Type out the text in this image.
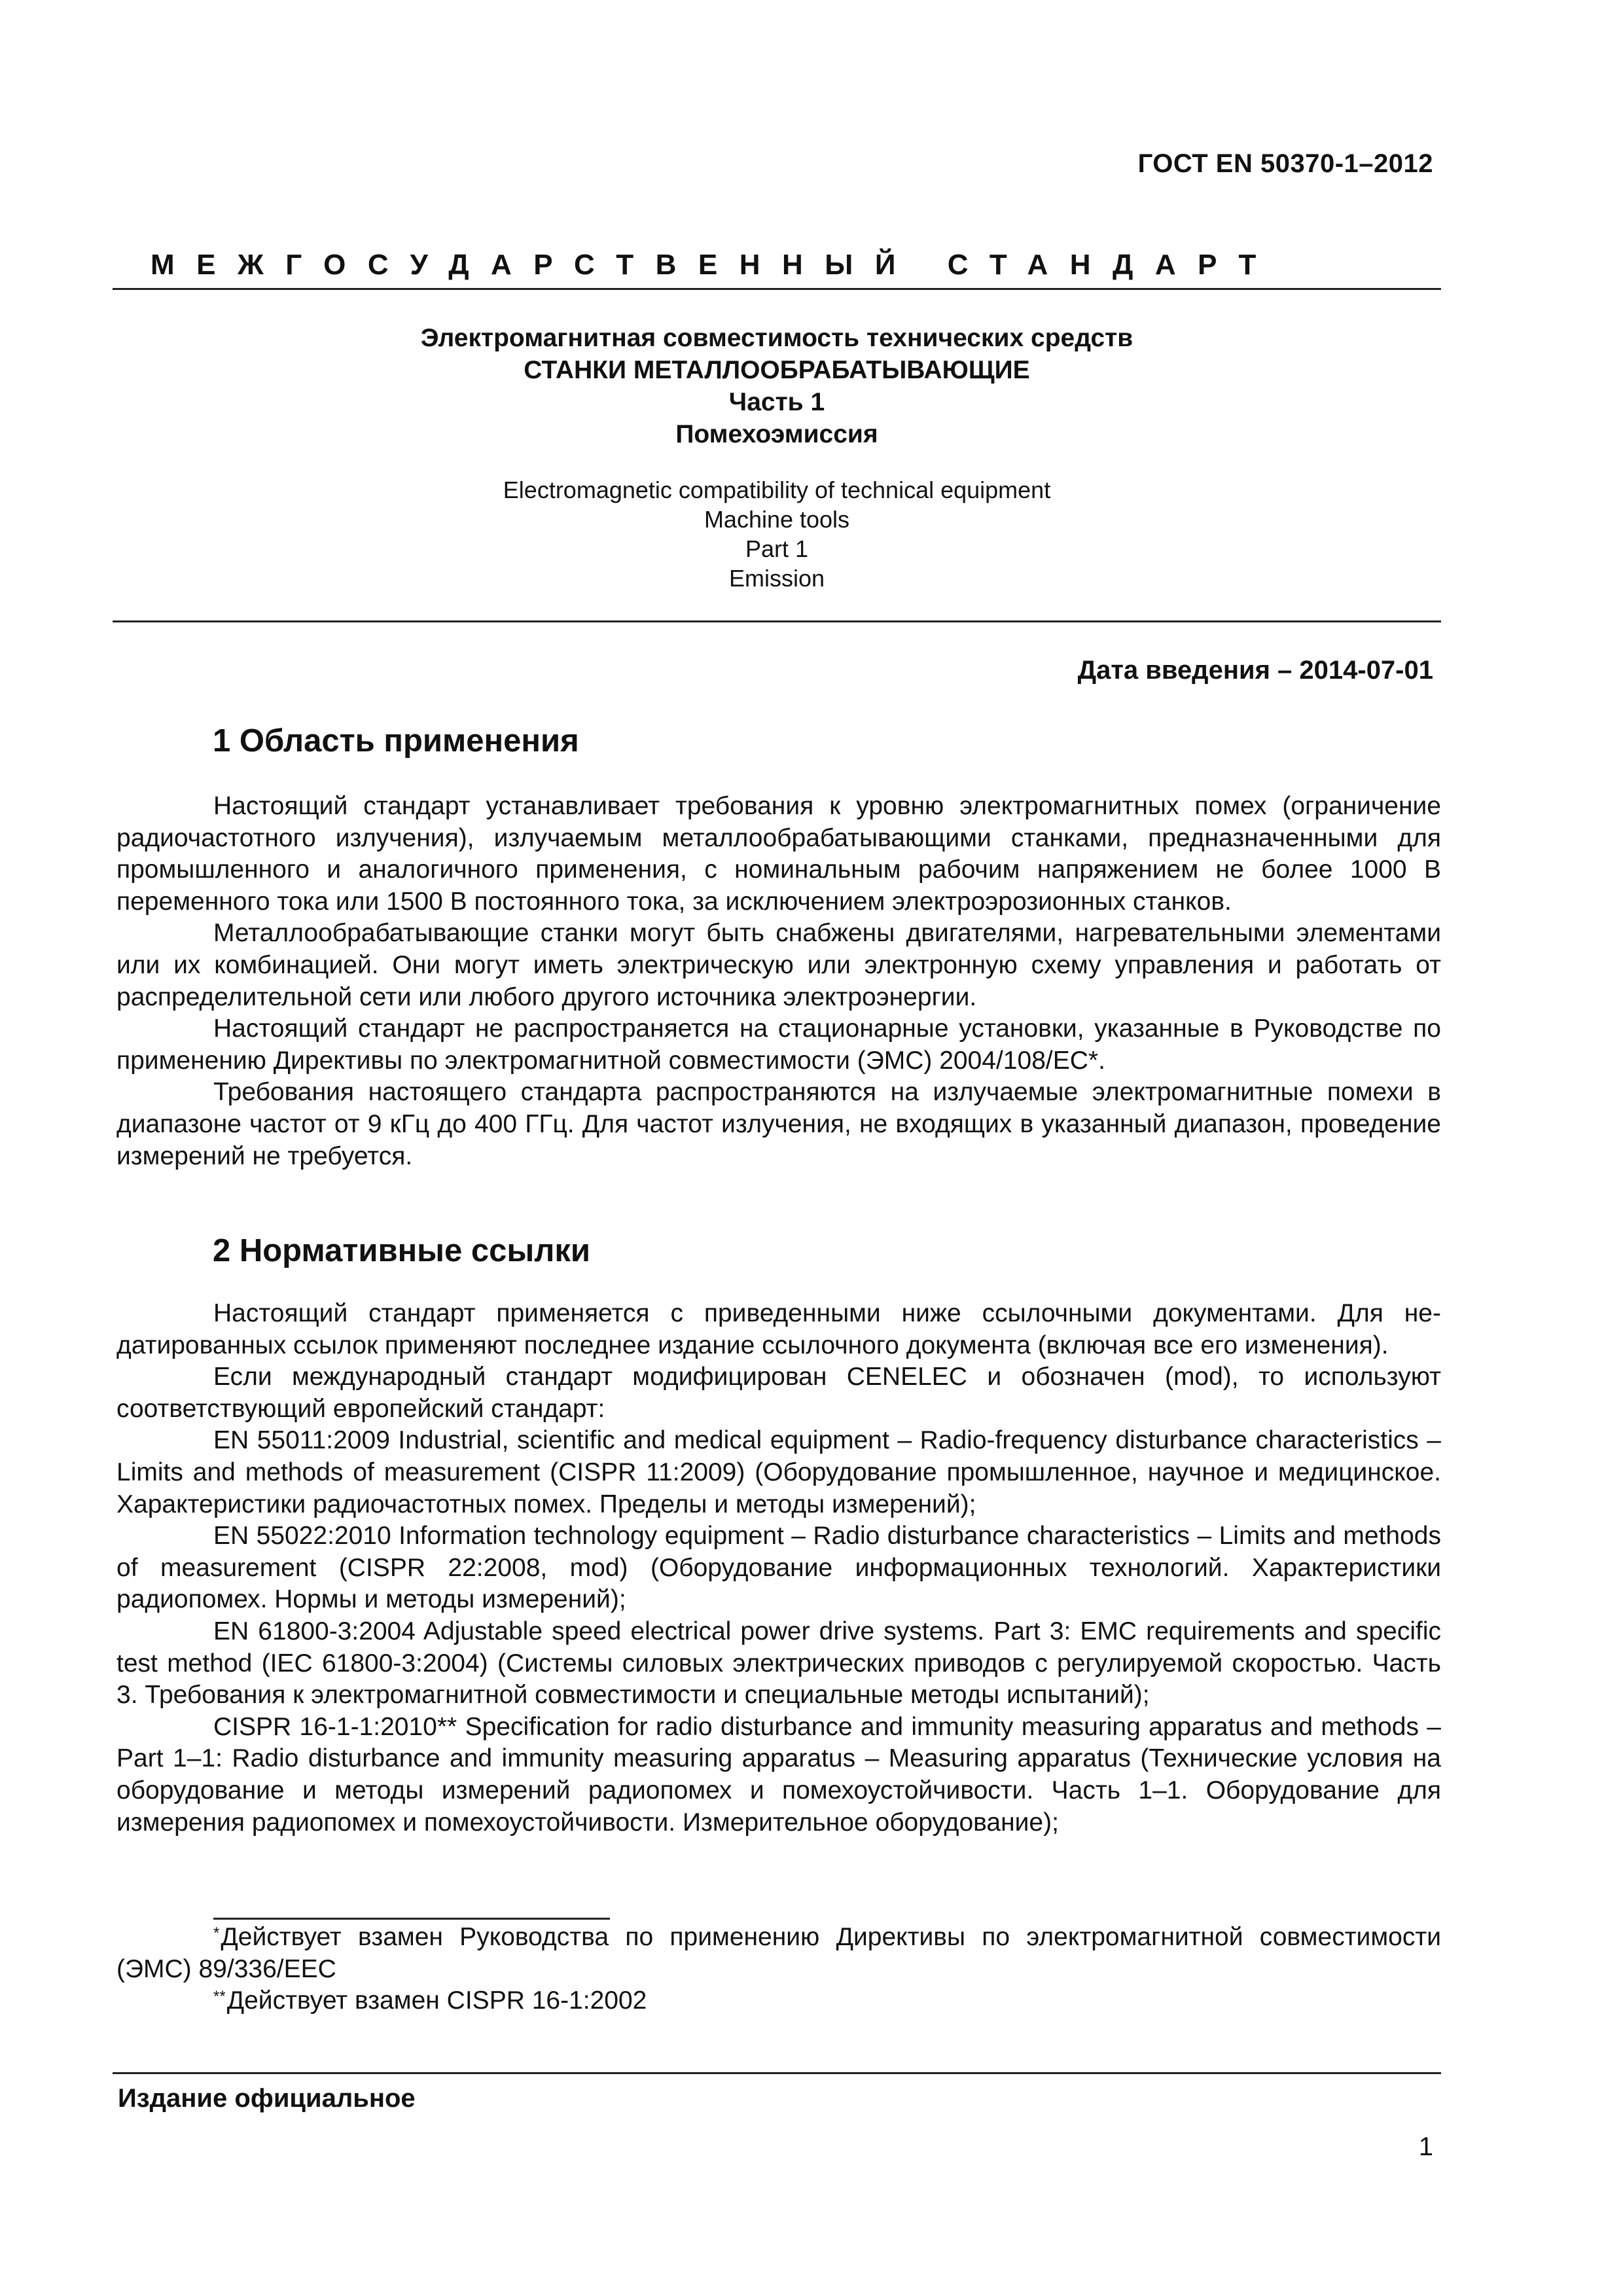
ГОСТ EN 50370-1–2012
МЕЖГОСУДАРСТВЕННЫЙ СТАНДАРТ
Электромагнитная совместимость технических средств
СТАНКИ МЕТАЛЛООБРАБАТЫВАЮЩИЕ
Часть 1
Помехоэмиссия
Electromagnetic compatibility of technical equipment
Machine tools
Part 1
Emission
Дата введения – 2014-07-01
1 Область применения

Настоящий стандарт устанавливает требования к уровню электромагнитных помех (ограничение радиочастотного излучения), излучаемым металлообрабатывающими станками, предназначенными для промышленного и аналогичного применения, с номинальным рабочим напряжением не более 1000 В переменного тока или 1500 В постоянного тока, за исключением электроэрозионных станков.

Металлообрабатывающие станки могут быть снабжены двигателями, нагревательными элементами или их комбинацией. Они могут иметь электрическую или электронную схему управления и работать от распределительной сети или любого другого источника электроэнергии.

Настоящий стандарт не распространяется на стационарные установки, указанные в Руководстве по применению Директивы по электромагнитной совместимости (ЭМС) 2004/108/EC*.

Требования настоящего стандарта распространяются на излучаемые электромагнитные помехи в диапазоне частот от 9 кГц до 400 ГГц. Для частот излучения, не входящих в указанный диапазон, проведение измерений не требуется.

2 Нормативные ссылки

Настоящий стандарт применяется с приведенными ниже ссылочными документами. Для недатированных ссылок применяют последнее издание ссылочного документа (включая все его изменения).

Если международный стандарт модифицирован CENELEC и обозначен (mod), то используют соответствующий европейский стандарт:

EN 55011:2009 Industrial, scientific and medical equipment – Radio-frequency disturbance characteristics – Limits and methods of measurement (CISPR 11:2009) (Оборудование промышленное, научное и медицинское. Характеристики радиочастотных помех. Пределы и методы измерений);

EN 55022:2010 Information technology equipment – Radio disturbance characteristics – Limits and methods of measurement (CISPR 22:2008, mod) (Оборудование информационных технологий. Характеристики радиопомех. Нормы и методы измерений);

EN 61800-3:2004 Adjustable speed electrical power drive systems. Part 3: EMC requirements and specific test method (IEC 61800-3:2004) (Системы силовых электрических приводов с регулируемой скоростью. Часть 3. Требования к электромагнитной совместимости и специальные методы испытаний);

CISPR 16-1-1:2010** Specification for radio disturbance and immunity measuring apparatus and methods – Part 1–1: Radio disturbance and immunity measuring apparatus – Measuring apparatus (Технические условия на оборудование и методы измерений радиопомех и помехоустойчивости. Часть 1–1. Оборудование для измерения радиопомех и помехоустойчивости. Измерительное оборудование);

*Действует взамен Руководства по применению Директивы по электромагнитной совместимости (ЭМС) 89/336/EEC

**Действует взамен CISPR 16-1:2002

Издание официальное
1
